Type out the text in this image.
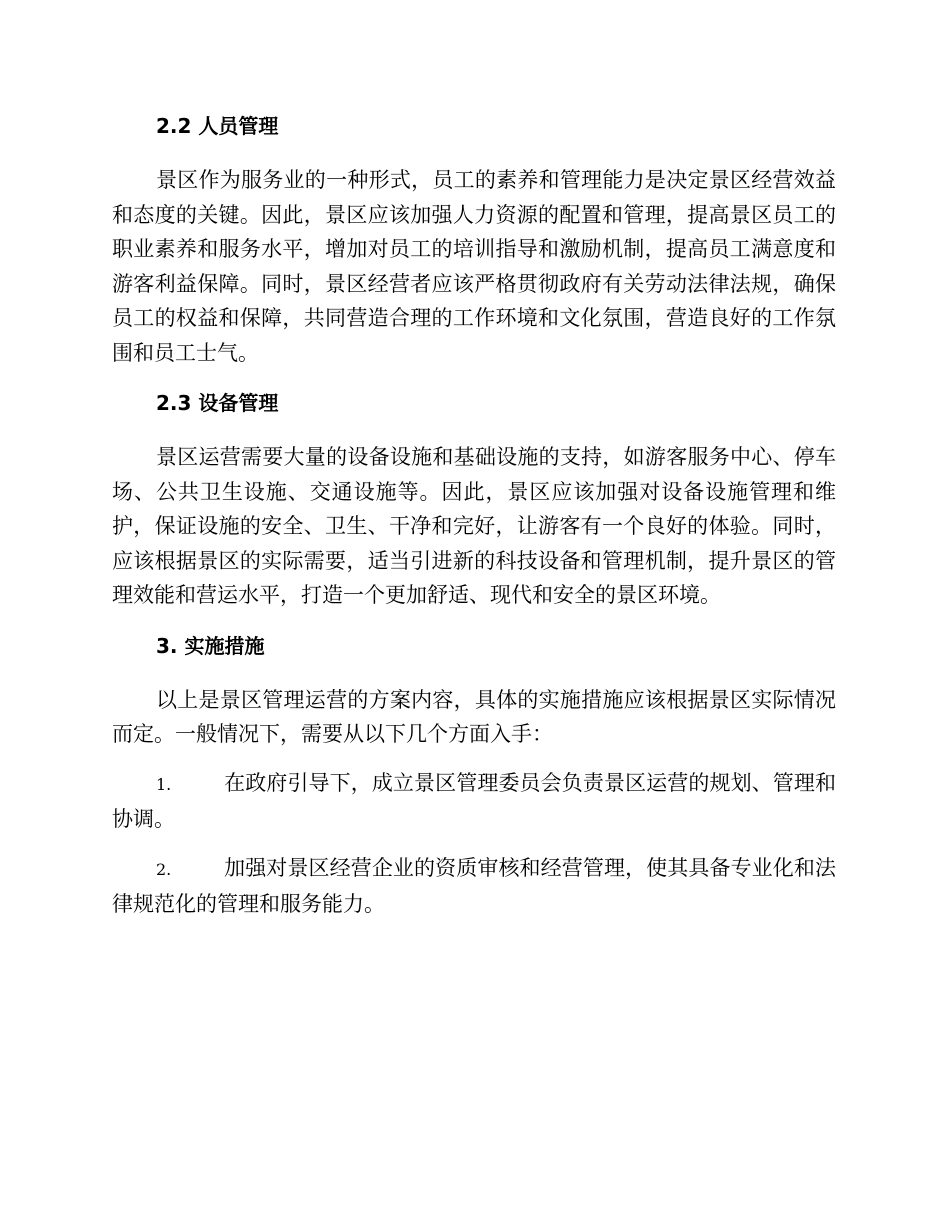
2.2 人员管理

景区作为服务业的一种形式，员工的素养和管理能力是决定景区经营效益和态度的关键。因此，景区应该加强人力资源的配置和管理，提高景区员工的职业素养和服务水平，增加对员工的培训指导和激励机制，提高员工满意度和游客利益保障。同时，景区经营者应该严格贯彻政府有关劳动法律法规，确保员工的权益和保障，共同营造合理的工作环境和文化氛围，营造良好的工作氛围和员工士气。

2.3 设备管理

景区运营需要大量的设备设施和基础设施的支持，如游客服务中心、停车场、公共卫生设施、交通设施等。因此，景区应该加强对设备设施管理和维护，保证设施的安全、卫生、干净和完好，让游客有一个良好的体验。同时，应该根据景区的实际需要，适当引进新的科技设备和管理机制，提升景区的管理效能和营运水平，打造一个更加舒适、现代和安全的景区环境。

3. 实施措施

以上是景区管理运营的方案内容，具体的实施措施应该根据景区实际情况而定。一般情况下，需要从以下几个方面入手：

1.	在政府引导下，成立景区管理委员会负责景区运营的规划、管理和协调。

2.	加强对景区经营企业的资质审核和经营管理，使其具备专业化和法律规范化的管理和服务能力。
